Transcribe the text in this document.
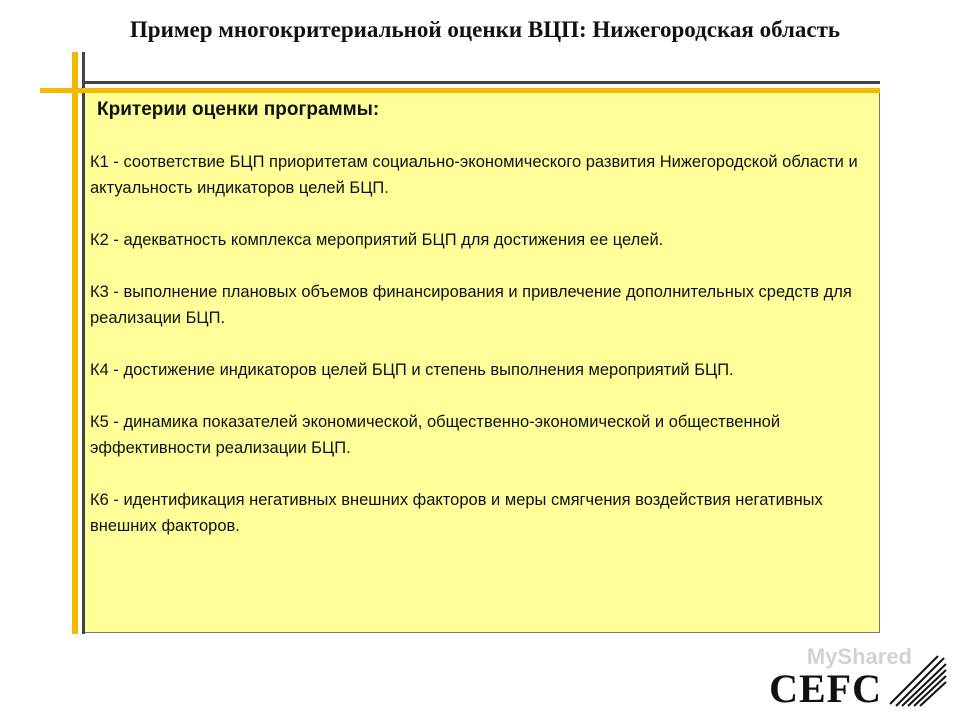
Пример многокритериальной оценки ВЦП: Нижегородская область
Критерии оценки программы:

К1 - соответствие БЦП приоритетам социально-экономического развития Нижегородской области и актуальность индикаторов целей БЦП.

К2 - адекватность комплекса мероприятий БЦП для достижения ее целей.

К3 - выполнение плановых объемов финансирования и привлечение дополнительных средств для реализации БЦП.

К4 - достижение индикаторов целей БЦП и степень выполнения мероприятий БЦП.

К5 - динамика показателей экономической, общественно-экономической и общественной эффективности реализации БЦП.

К6 - идентификация негативных внешних факторов и меры смягчения воздействия негативных внешних факторов.

MyShared
CEFC
